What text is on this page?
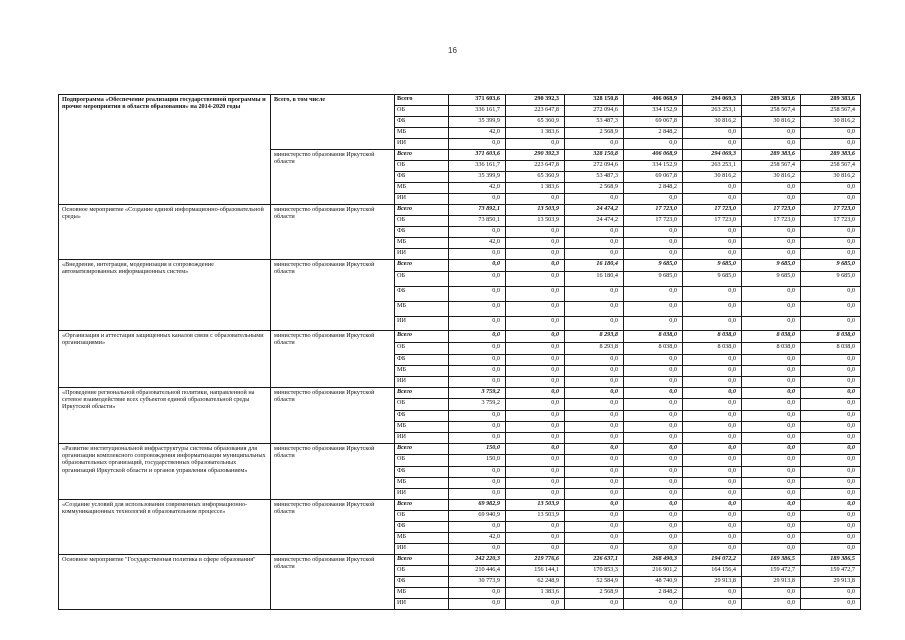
16
Подпрограмма «Обеспечение реализации государственной программы и прочие мероприятия в области образования» на 2014-2020 годы	Всего, в том числе	Всего	371 603,6	290 392,3	328 150,8	406 068,9	294 069,3	289 383,6	289 383,6
		ОБ	336 161,7	223 647,8	272 094,6	334 152,9	263 253,1	258 567,4	258 567,4
		ФБ	35 399,9	65 360,9	53 487,3	69 067,8	30 816,2	30 816,2	30 816,2
		МБ	42,0	1 383,6	2 568,9	2 848,2	0,0	0,0	0,0
		ИИ	0,0	0,0	0,0	0,0	0,0	0,0	0,0
	министерство образования Иркутской области	Всего	371 603,6	290 392,3	328 150,8	406 068,9	294 069,3	289 383,6	289 383,6
		ОБ	336 161,7	223 647,8	272 094,6	334 152,9	263 253,1	258 567,4	258 567,4
		ФБ	35 399,9	65 360,9	53 487,3	69 067,8	30 816,2	30 816,2	30 816,2
		МБ	42,0	1 383,6	2 568,9	2 848,2	0,0	0,0	0,0
		ИИ	0,0	0,0	0,0	0,0	0,0	0,0	0,0
Основное мероприятие «Создание единой информационно-образовательной среды»	министерство образования Иркутской области	Всего	73 892,1	13 503,9	24 474,2	17 723,0	17 723,0	17 723,0	17 723,0
		ОБ	73 850,1	13 503,9	24 474,2	17 723,0	17 723,0	17 723,0	17 723,0
		ФБ	0,0	0,0	0,0	0,0	0,0	0,0	0,0
		МБ	42,0	0,0	0,0	0,0	0,0	0,0	0,0
		ИИ	0,0	0,0	0,0	0,0	0,0	0,0	0,0
«Внедрение, интеграция, модернизация и сопровождение автоматизированных информационных систем»	министерство образования Иркутской области	Всего	0,0	0,0	16 180,4	9 685,0	9 685,0	9 685,0	9 685,0
		ОБ	0,0	0,0	16 180,4	9 685,0	9 685,0	9 685,0	9 685,0
		ФБ	0,0	0,0	0,0	0,0	0,0	0,0	0,0
		МБ	0,0	0,0	0,0	0,0	0,0	0,0	0,0
		ИИ	0,0	0,0	0,0	0,0	0,0	0,0	0,0
«Организация и аттестация защищенных каналов связи с образовательными организациями»	министерство образования Иркутской области	Всего	0,0	0,0	8 293,8	8 038,0	8 038,0	8 038,0	8 038,0
		ОБ	0,0	0,0	8 293,8	8 038,0	8 038,0	8 038,0	8 038,0
		ФБ	0,0	0,0	0,0	0,0	0,0	0,0	0,0
		МБ	0,0	0,0	0,0	0,0	0,0	0,0	0,0
		ИИ	0,0	0,0	0,0	0,0	0,0	0,0	0,0
«Проведение региональной образовательной политики, направленной на сетевое взаимодействие всех субъектов единой образовательной среды Иркутской области»	министерство образования Иркутской области	Всего	3 759,2	0,0	0,0	0,0	0,0	0,0	0,0
		ОБ	3 759,2	0,0	0,0	0,0	0,0	0,0	0,0
		ФБ	0,0	0,0	0,0	0,0	0,0	0,0	0,0
		МБ	0,0	0,0	0,0	0,0	0,0	0,0	0,0
		ИИ	0,0	0,0	0,0	0,0	0,0	0,0	0,0
«Развитие институциональной инфраструктуры системы образования для организации комплексного сопровождения информатизации муниципальных образовательных организаций, государственных образовательных организаций Иркутской области и органов управления образованием»	министерство образования Иркутской области	Всего	150,0	0,0	0,0	0,0	0,0	0,0	0,0
		ОБ	150,0	0,0	0,0	0,0	0,0	0,0	0,0
		ФБ	0,0	0,0	0,0	0,0	0,0	0,0	0,0
		МБ	0,0	0,0	0,0	0,0	0,0	0,0	0,0
		ИИ	0,0	0,0	0,0	0,0	0,0	0,0	0,0
«Создание условий для использования современных информационно-коммуникационных технологий в образовательном процессе»	министерство образования Иркутской области	Всего	69 982,9	13 503,9	0,0	0,0	0,0	0,0	0,0
		ОБ	69 940,9	13 503,9	0,0	0,0	0,0	0,0	0,0
		ФБ	0,0	0,0	0,0	0,0	0,0	0,0	0,0
		МБ	42,0	0,0	0,0	0,0	0,0	0,0	0,0
		ИИ	0,0	0,0	0,0	0,0	0,0	0,0	0,0
Основное мероприятие "Государственная политика в сфере образования"	министерство образования Иркутской области	Всего	242 220,3	219 776,6	226 637,1	268 490,3	194 072,2	189 386,5	189 386,5
		ОБ	210 446,4	156 144,1	170 853,3	216 901,2	164 156,4	159 472,7	159 472,7
		ФБ	30 773,9	62 248,9	52 584,9	48 740,9	29 913,8	29 913,8	29 913,8
		МБ	0,0	1 383,6	2 568,9	2 848,2	0,0	0,0	0,0
		ИИ	0,0	0,0	0,0	0,0	0,0	0,0	0,0
